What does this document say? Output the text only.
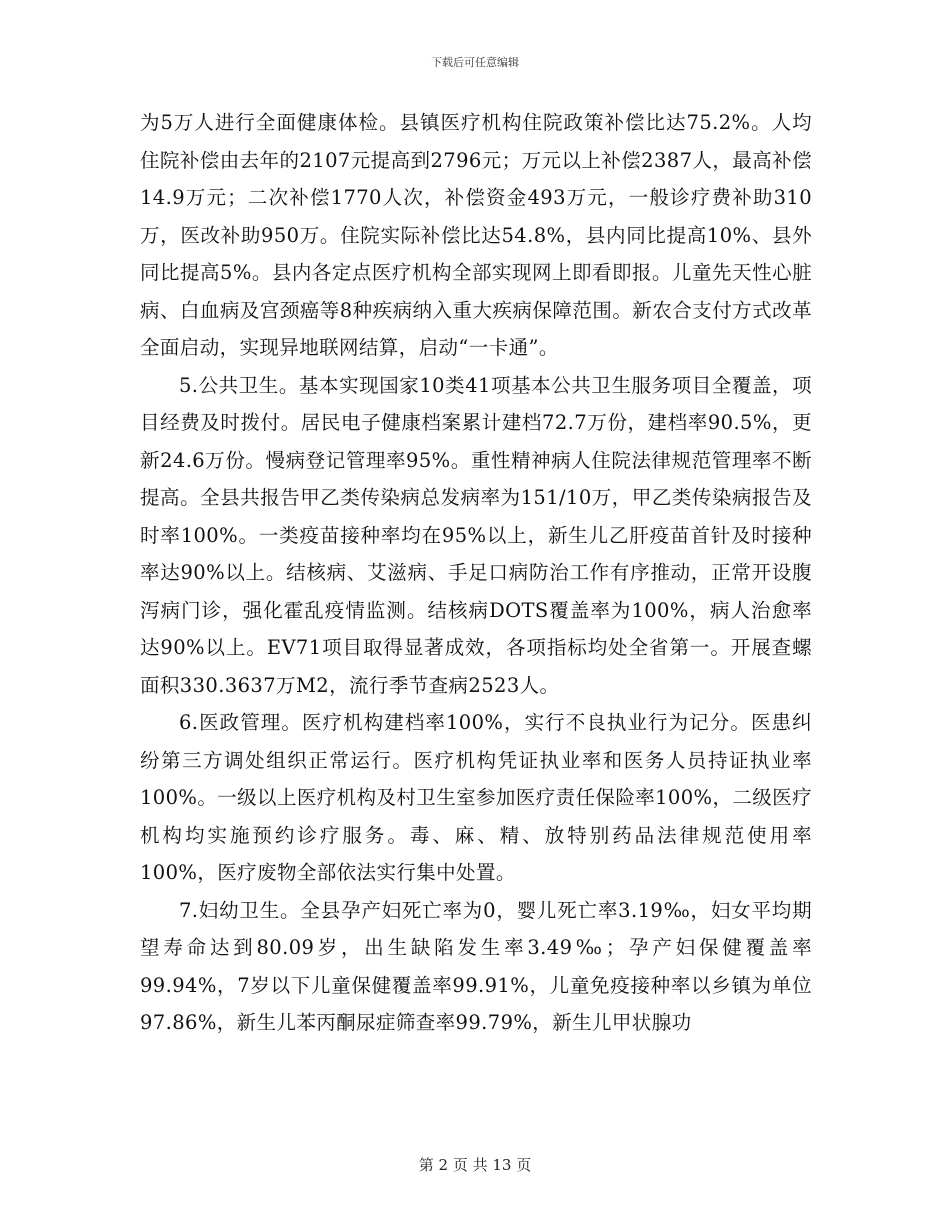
下载后可任意编辑

为5万人进行全面健康体检。县镇医疗机构住院政策补偿比达75.2%。人均住院补偿由去年的2107元提高到2796元；万元以上补偿2387人，最高补偿14.9万元；二次补偿1770人次，补偿资金493万元，一般诊疗费补助310万，医改补助950万。住院实际补偿比达54.8%，县内同比提高10%、县外同比提高5%。县内各定点医疗机构全部实现网上即看即报。儿童先天性心脏病、白血病及宫颈癌等8种疾病纳入重大疾病保障范围。新农合支付方式改革全面启动，实现异地联网结算，启动“一卡通”。

5.公共卫生。基本实现国家10类41项基本公共卫生服务项目全覆盖，项目经费及时拨付。居民电子健康档案累计建档72.7万份，建档率90.5%，更新24.6万份。慢病登记管理率95%。重性精神病人住院法律规范管理率不断提高。全县共报告甲乙类传染病总发病率为151/10万，甲乙类传染病报告及时率100%。一类疫苗接种率均在95%以上，新生儿乙肝疫苗首针及时接种率达90%以上。结核病、艾滋病、手足口病防治工作有序推动，正常开设腹泻病门诊，强化霍乱疫情监测。结核病DOTS覆盖率为100%，病人治愈率达90%以上。EV71项目取得显著成效，各项指标均处全省第一。开展查螺面积330.3637万M2，流行季节查病2523人。

6.医政管理。医疗机构建档率100%，实行不良执业行为记分。医患纠纷第三方调处组织正常运行。医疗机构凭证执业率和医务人员持证执业率100%。一级以上医疗机构及村卫生室参加医疗责任保险率100%，二级医疗机构均实施预约诊疗服务。毒、麻、精、放特别药品法律规范使用率100%，医疗废物全部依法实行集中处置。

7.妇幼卫生。全县孕产妇死亡率为0，婴儿死亡率3.19‰，妇女平均期望寿命达到80.09岁，出生缺陷发生率3.49‰；孕产妇保健覆盖率99.94%，7岁以下儿童保健覆盖率99.91%，儿童免疫接种率以乡镇为单位97.86%，新生儿苯丙酮尿症筛查率99.79%，新生儿甲状腺功

第 2 页 共 13 页
